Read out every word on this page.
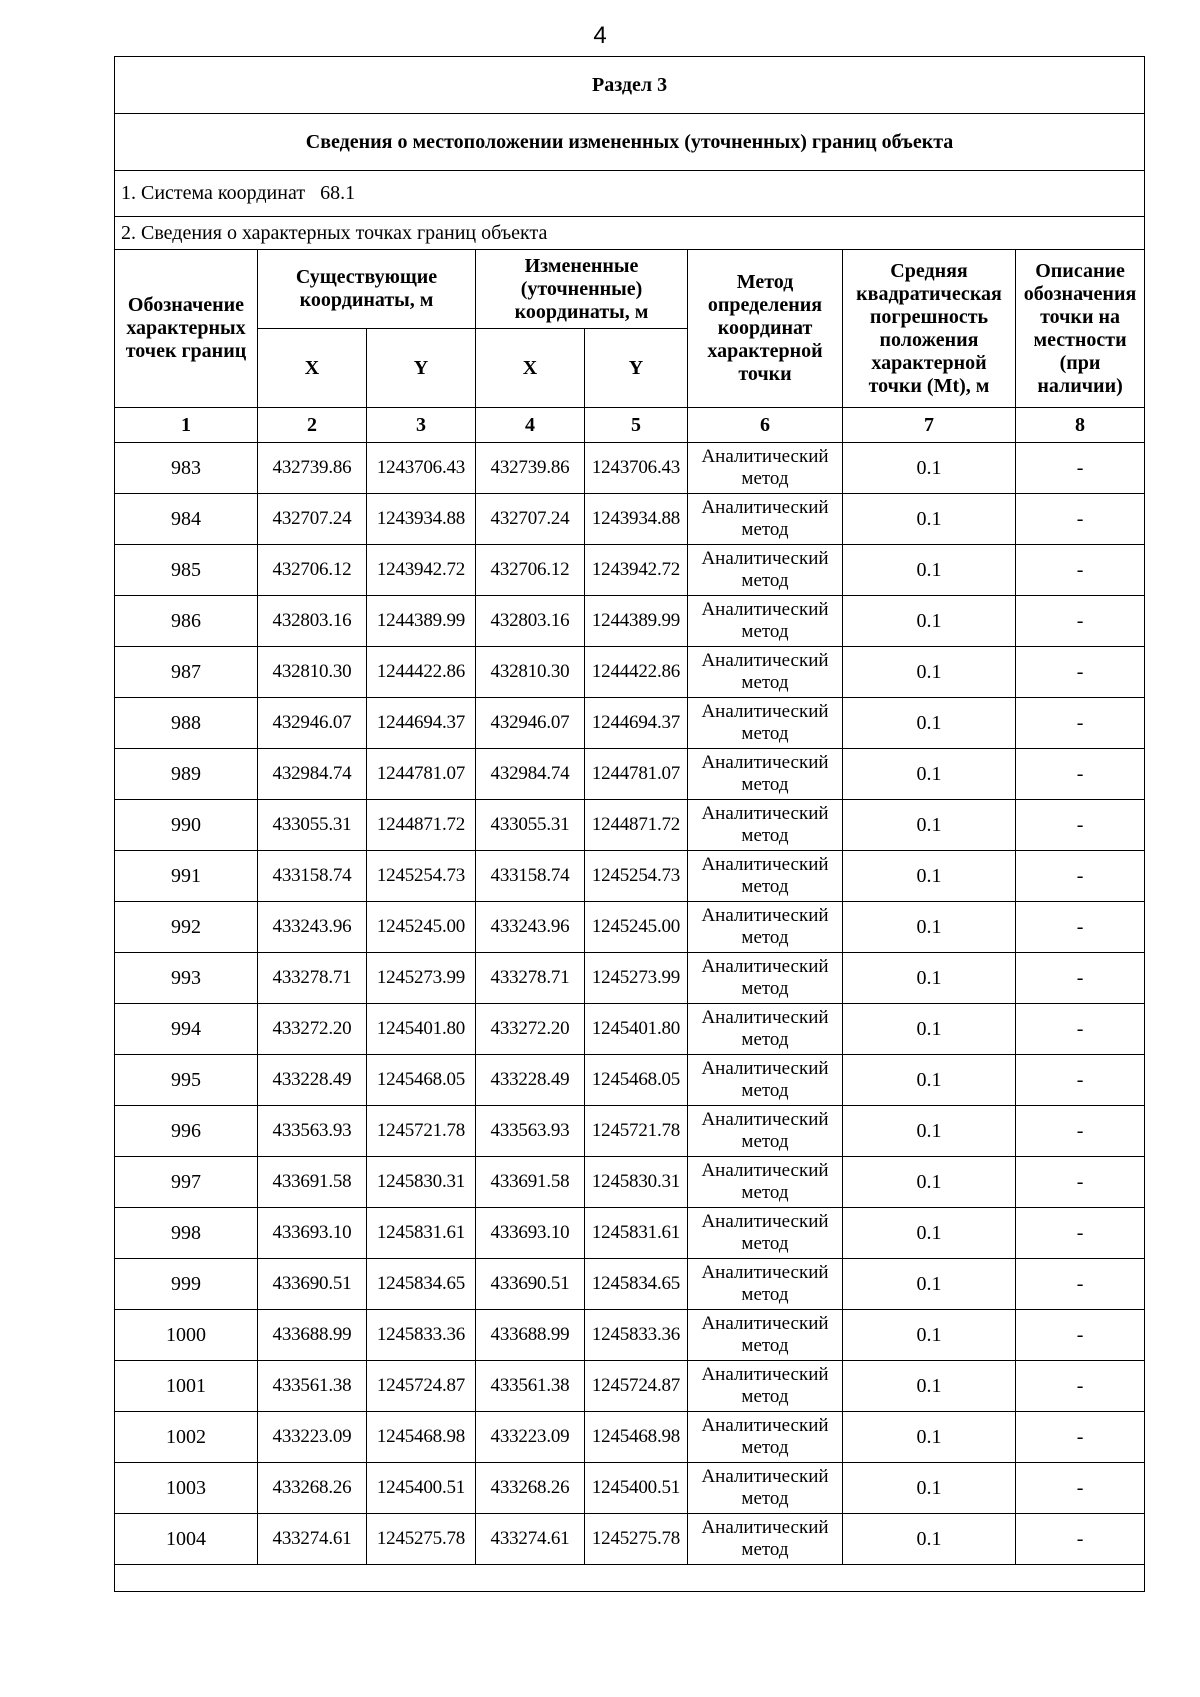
4
Раздел 3							
Сведения о местоположении измененных (уточненных) границ объекта							
1. Система координат 68.1							
2. Сведения о характерных точках границ объекта							
Обозначение характерных точек границ	Существующие координаты, м		Измененные (уточненные) координаты, м		Метод определения координат характерной точки	Средняя квадратическая погрешность положения характерной точки (Mt), м	Описание обозначения точки на местности (при наличии)
	X	Y	X	Y			
1	2	3	4	5	6	7	8
983	432739.86	1243706.43	432739.86	1243706.43	Аналитический метод	0.1	-
984	432707.24	1243934.88	432707.24	1243934.88	Аналитический метод	0.1	-
985	432706.12	1243942.72	432706.12	1243942.72	Аналитический метод	0.1	-
986	432803.16	1244389.99	432803.16	1244389.99	Аналитический метод	0.1	-
987	432810.30	1244422.86	432810.30	1244422.86	Аналитический метод	0.1	-
988	432946.07	1244694.37	432946.07	1244694.37	Аналитический метод	0.1	-
989	432984.74	1244781.07	432984.74	1244781.07	Аналитический метод	0.1	-
990	433055.31	1244871.72	433055.31	1244871.72	Аналитический метод	0.1	-
991	433158.74	1245254.73	433158.74	1245254.73	Аналитический метод	0.1	-
992	433243.96	1245245.00	433243.96	1245245.00	Аналитический метод	0.1	-
993	433278.71	1245273.99	433278.71	1245273.99	Аналитический метод	0.1	-
994	433272.20	1245401.80	433272.20	1245401.80	Аналитический метод	0.1	-
995	433228.49	1245468.05	433228.49	1245468.05	Аналитический метод	0.1	-
996	433563.93	1245721.78	433563.93	1245721.78	Аналитический метод	0.1	-
997	433691.58	1245830.31	433691.58	1245830.31	Аналитический метод	0.1	-
998	433693.10	1245831.61	433693.10	1245831.61	Аналитический метод	0.1	-
999	433690.51	1245834.65	433690.51	1245834.65	Аналитический метод	0.1	-
1000	433688.99	1245833.36	433688.99	1245833.36	Аналитический метод	0.1	-
1001	433561.38	1245724.87	433561.38	1245724.87	Аналитический метод	0.1	-
1002	433223.09	1245468.98	433223.09	1245468.98	Аналитический метод	0.1	-
1003	433268.26	1245400.51	433268.26	1245400.51	Аналитический метод	0.1	-
1004	433274.61	1245275.78	433274.61	1245275.78	Аналитический метод	0.1	-
